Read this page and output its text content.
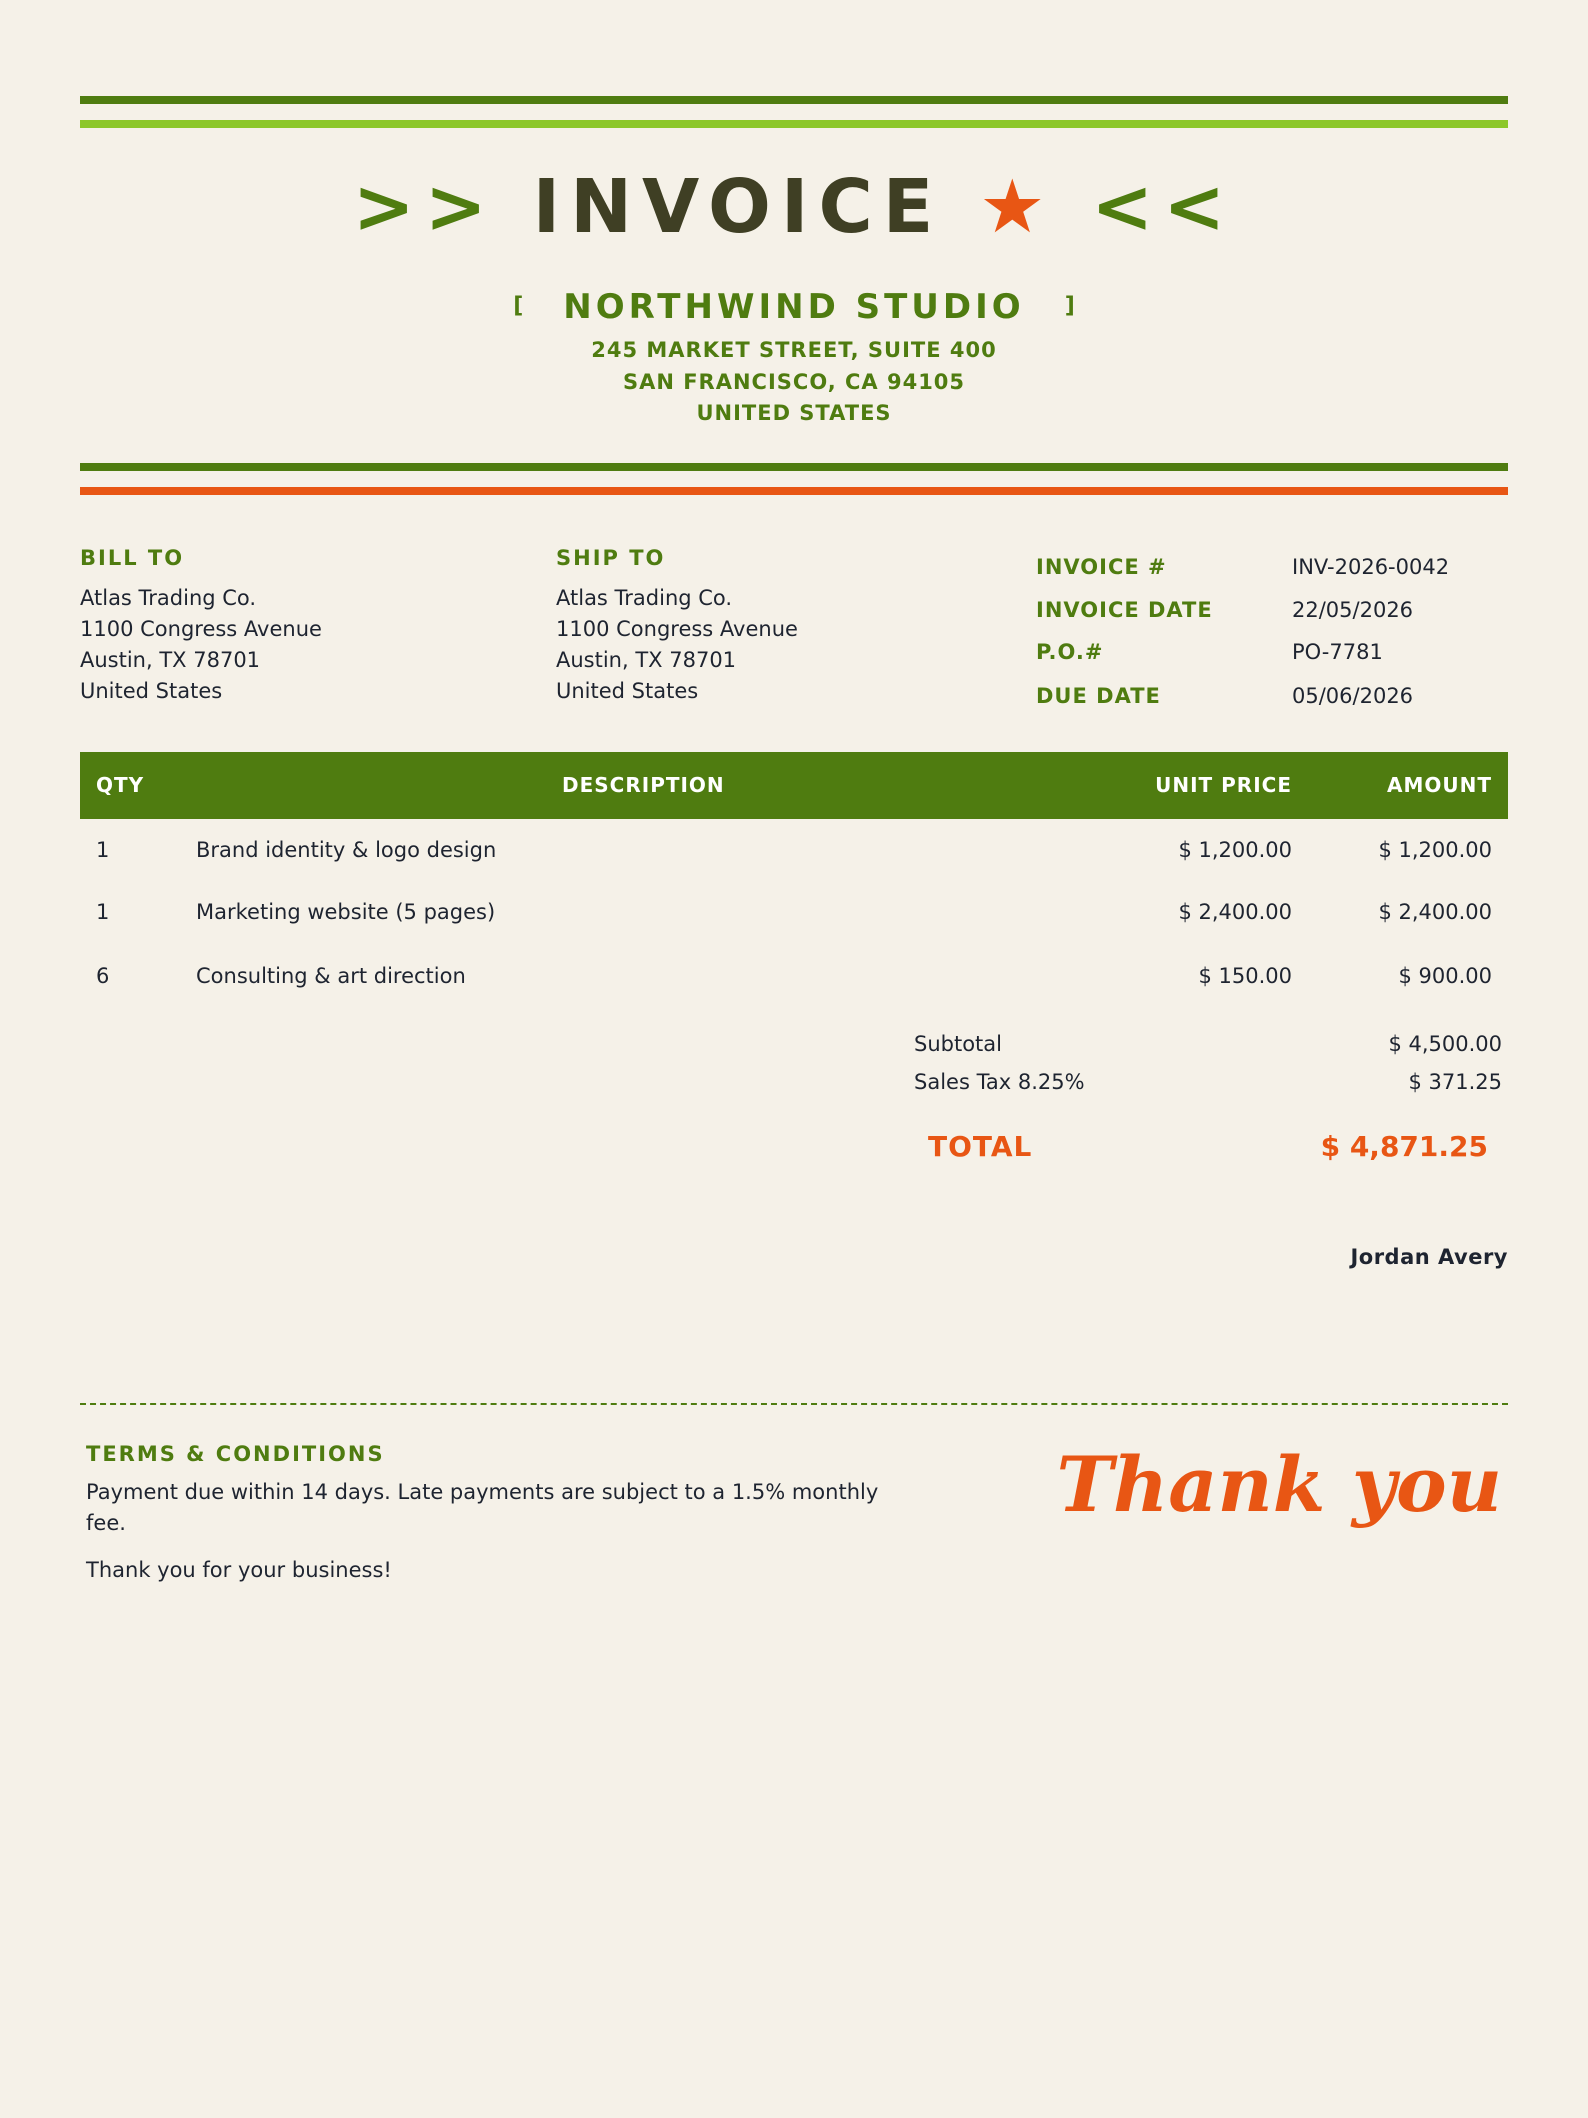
>> INVOICE ★ <<
[ NORTHWIND STUDIO ]
245 MARKET STREET, SUITE 400
SAN FRANCISCO, CA 94105
UNITED STATES
BILL TO
Atlas Trading Co.
1100 Congress Avenue
Austin, TX 78701
United States
SHIP TO
Atlas Trading Co.
1100 Congress Avenue
Austin, TX 78701
United States
INVOICE #	INV-2026-0042
INVOICE DATE	22/05/2026
P.O.#	PO-7781
DUE DATE	05/06/2026
QTY	DESCRIPTION	UNIT PRICE	AMOUNT
1	Brand identity & logo design	$ 1,200.00	$ 1,200.00
1	Marketing website (5 pages)	$ 2,400.00	$ 2,400.00
6	Consulting & art direction	$ 150.00	$ 900.00
Subtotal	$ 4,500.00
Sales Tax 8.25%	$ 371.25
TOTAL	$ 4,871.25
Jordan Avery
TERMS & CONDITIONS
Payment due within 14 days. Late payments are subject to a 1.5% monthly
fee.
Thank you for your business!
Thank you
